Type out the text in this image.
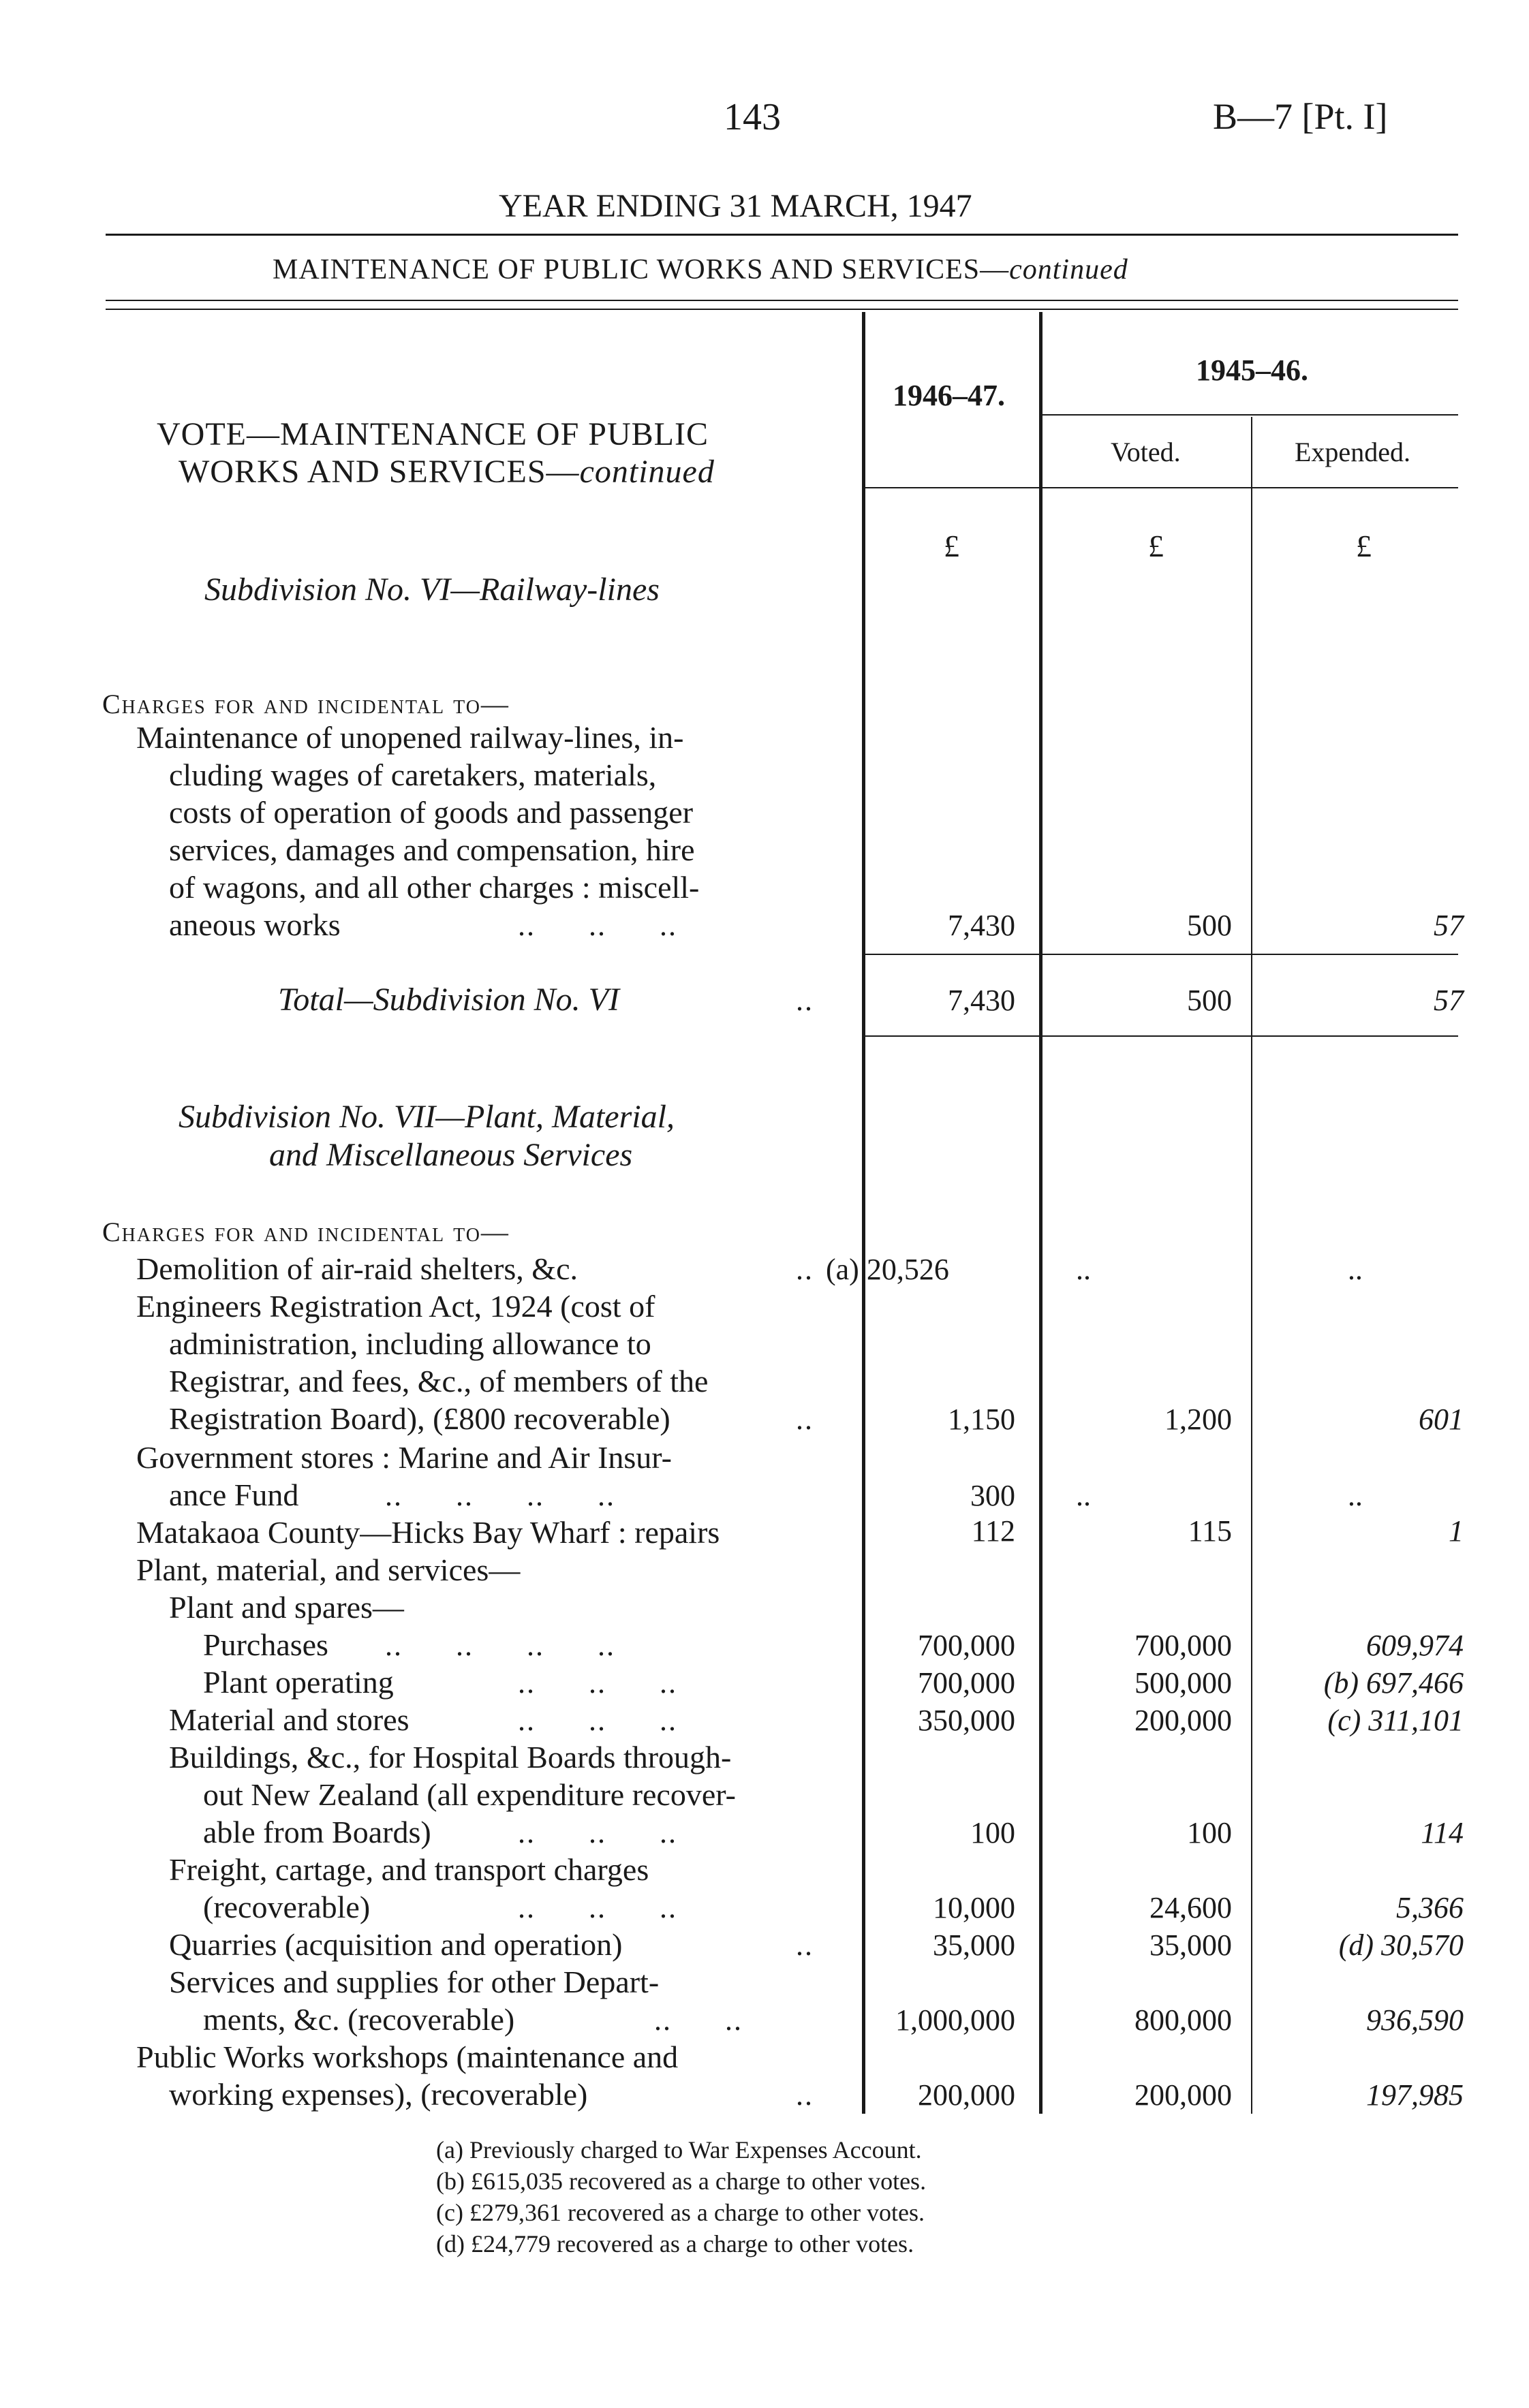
143	B—7 [Pt. I]
YEAR ENDING 31 MARCH, 1947
MAINTENANCE OF PUBLIC WORKS AND SERVICES—continued
VOTE—MAINTENANCE OF PUBLIC
WORKS AND SERVICES—continued
1946–47.
1945–46.
Voted.	Expended.
£	£	£
Subdivision No. VI—Railway-lines
Charges for and incidental to—
Maintenance of unopened railway-lines, in-
cluding wages of caretakers, materials,
costs of operation of goods and passenger
services, damages and compensation, hire
of wagons, and all other charges : miscell-
aneous works	..      ..      ..	7,430	500	57
Total—Subdivision No. VI	..	7,430	500	57
Subdivision No. VII—Plant, Material,
and Miscellaneous Services
Charges for and incidental to—
Demolition of air-raid shelters, &c.	.. (a) 20,526	..	..
Engineers Registration Act, 1924 (cost of
administration, including allowance to
Registrar, and fees, &c., of members of the
Registration Board), (£800 recoverable)	..	1,150	1,200	601
Government stores : Marine and Air Insur-
ance Fund	..      ..      ..      ..	300	..	..
Matakaoa County—Hicks Bay Wharf : repairs	112	115	1
Plant, material, and services—
Plant and spares—
Purchases ..      ..      ..      ..	700,000	700,000	609,974
Plant operating	..      ..      ..	700,000	500,000	(b) 697,466
Material and stores	..      ..      ..	350,000	200,000	(c) 311,101
Buildings, &c., for Hospital Boards through-
out New Zealand (all expenditure recover-
able from Boards)	..      ..      ..	100	100	114
Freight, cartage, and transport charges
(recoverable)	..      ..      ..	10,000	24,600	5,366
Quarries (acquisition and operation)	..	35,000	35,000	(d) 30,570
Services and supplies for other Depart-
ments, &c. (recoverable)	..      ..	1,000,000	800,000	936,590
Public Works workshops (maintenance and
working expenses), (recoverable)	..	200,000	200,000	197,985
(a) Previously charged to War Expenses Account.
(b) £615,035 recovered as a charge to other votes.
(c) £279,361 recovered as a charge to other votes.
(d) £24,779 recovered as a charge to other votes.
